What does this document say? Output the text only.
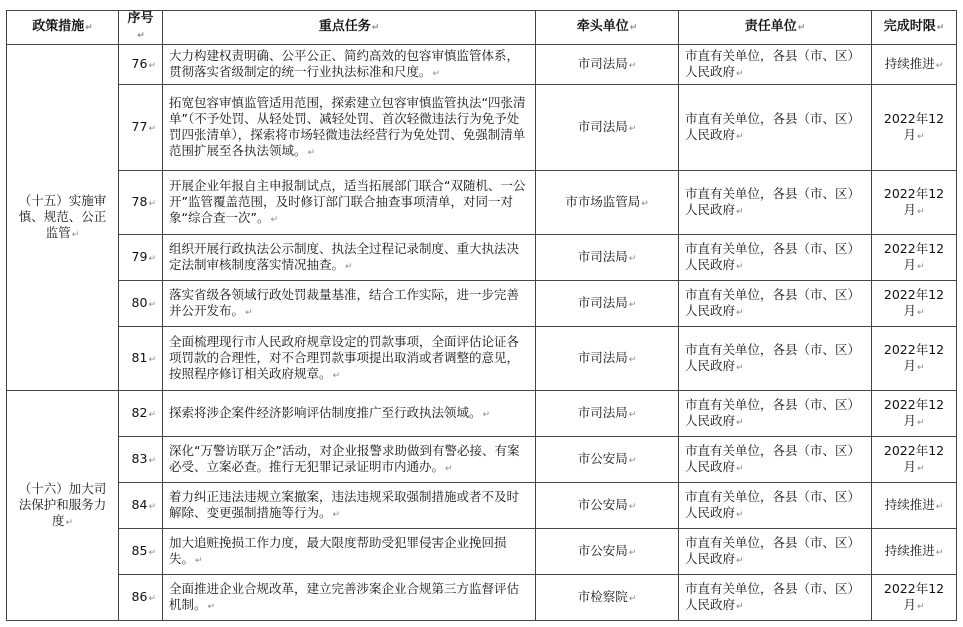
政策措施↵	序号↵	重点任务↵	牵头单位↵	责任单位↵	完成时限↵
（十五）实施审慎、规范、公正监管↵	76↵	大力构建权责明确、公平公正、简约高效的包容审慎监管体系，贯彻落实省级制定的统一行业执法标准和尺度。↵	市司法局↵	市直有关单位，各县（市、区）人民政府↵	持续推进↵
	77↵	拓宽包容审慎监管适用范围，探索建立包容审慎监管执法“四张清单”（不予处罚、从轻处罚、减轻处罚、首次轻微违法行为免予处罚四张清单），探索将市场轻微违法经营行为免处罚、免强制清单范围扩展至各执法领域。↵	市司法局↵	市直有关单位，各县（市、区）人民政府↵	2022年12月↵
	78↵	开展企业年报自主申报制试点，适当拓展部门联合“双随机、一公开”监管覆盖范围，及时修订部门联合抽查事项清单，对同一对象“综合查一次”。↵	市市场监管局↵	市直有关单位，各县（市、区）人民政府↵	2022年12月↵
	79↵	组织开展行政执法公示制度、执法全过程记录制度、重大执法决定法制审核制度落实情况抽查。↵	市司法局↵	市直有关单位，各县（市、区）人民政府↵	2022年12月↵
	80↵	落实省级各领域行政处罚裁量基准，结合工作实际，进一步完善并公开发布。↵	市司法局↵	市直有关单位，各县（市、区）人民政府↵	2022年12月↵
	81↵	全面梳理现行市人民政府规章设定的罚款事项，全面评估论证各项罚款的合理性，对不合理罚款事项提出取消或者调整的意见，按照程序修订相关政府规章。↵	市司法局↵	市直有关单位，各县（市、区）人民政府↵	2022年12月↵
（十六）加大司法保护和服务力度↵	82↵	探索将涉企案件经济影响评估制度推广至行政执法领域。↵	市司法局↵	市直有关单位，各县（市、区）人民政府↵	2022年12月↵
	83↵	深化“万警访联万企”活动，对企业报警求助做到有警必接、有案必受、立案必查。推行无犯罪记录证明市内通办。↵	市公安局↵	市直有关单位，各县（市、区）人民政府↵	2022年12月↵
	84↵	着力纠正违法违规立案撤案，违法违规采取强制措施或者不及时解除、变更强制措施等行为。↵	市公安局↵	市直有关单位，各县（市、区）人民政府↵	持续推进↵
	85↵	加大追赃挽损工作力度，最大限度帮助受犯罪侵害企业挽回损失。↵	市公安局↵	市直有关单位，各县（市、区）人民政府↵	持续推进↵
	86↵	全面推进企业合规改革，建立完善涉案企业合规第三方监督评估机制。↵	市检察院↵	市直有关单位，各县（市、区）人民政府↵	2022年12月↵
